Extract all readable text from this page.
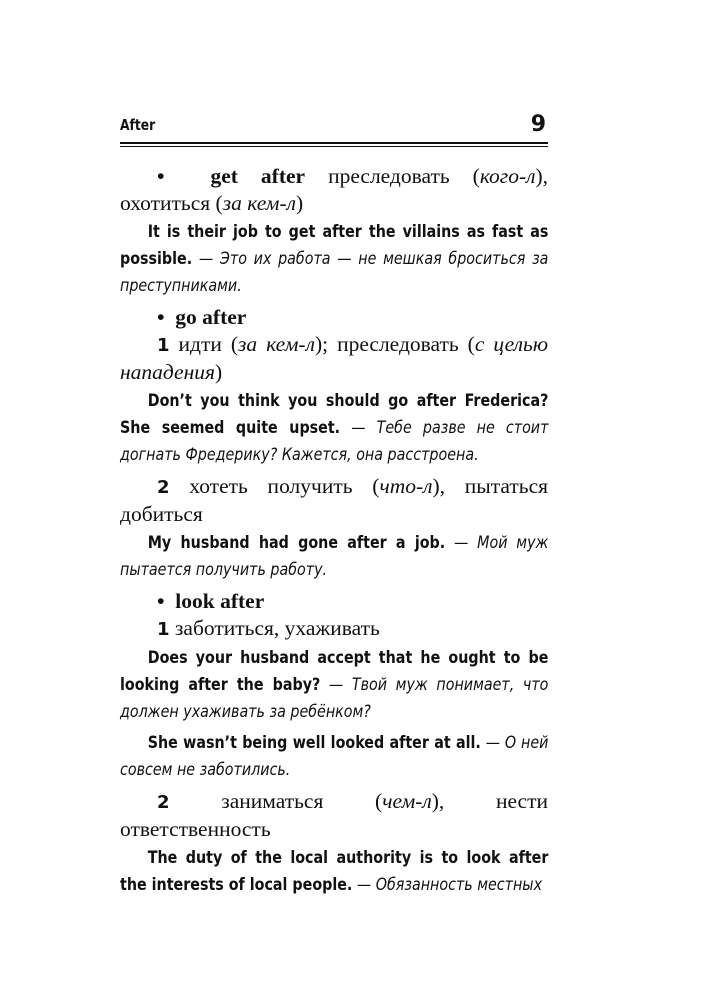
After	9

• get after преследовать (кого-л), охотиться (за кем-л)

It is their job to get after the villains as fast as possible. — Это их работа — не мешкая броситься за преступниками.

• go after

1 идти (за кем-л); преследовать (с целью нападения)

Don’t you think you should go after Frederica? She seemed quite upset. — Тебе разве не стоит догнать Фредерику? Кажется, она расстроена.

2 хотеть получить (что-л), пытаться добиться

My husband had gone after a job. — Мой муж пытается получить работу.

• look after

1 заботиться, ухаживать

Does your husband accept that he ought to be looking after the baby? — Твой муж понимает, что должен ухаживать за ребёнком?

She wasn’t being well looked after at all. — О ней совсем не заботились.

2 заниматься (чем-л), нести ответственность

The duty of the local authority is to look after the interests of local people. — Обязанность местных
